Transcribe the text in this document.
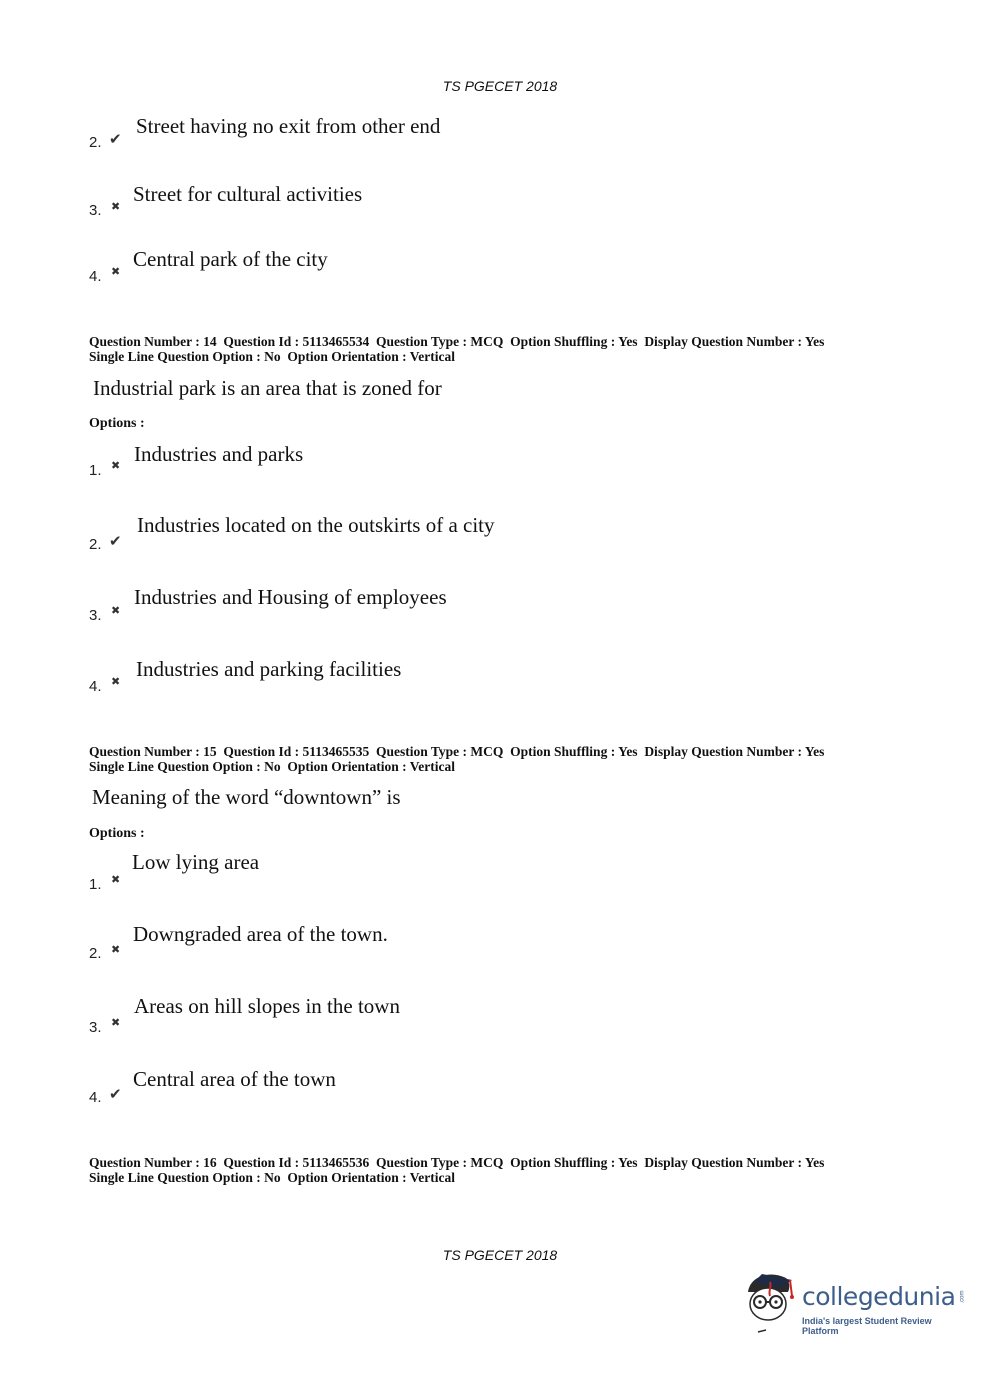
TS PGECET 2018
2. ✔
Street having no exit from other end
3. ✖
Street for cultural activities
4. ✖
Central park of the city
Question Number : 14  Question Id : 5113465534  Question Type : MCQ  Option Shuffling : Yes  Display Question Number : Yes
Single Line Question Option : No  Option Orientation : Vertical
Industrial park is an area that is zoned for
Options :
1. ✖ Industries and parks
2. ✔
Industries located on the outskirts of a city
3. ✖
Industries and Housing of employees
4. ✖
Industries and parking facilities
Question Number : 15  Question Id : 5113465535  Question Type : MCQ  Option Shuffling : Yes  Display Question Number : Yes
Single Line Question Option : No  Option Orientation : Vertical
Meaning of the word “downtown” is
Options :
1. ✖
Low lying area
2. ✖
Downgraded area of the town.
3. ✖
Areas on hill slopes in the town
4. ✔
Central area of the town
Question Number : 16  Question Id : 5113465536  Question Type : MCQ  Option Shuffling : Yes  Display Question Number : Yes
Single Line Question Option : No  Option Orientation : Vertical
TS PGECET 2018
collegedunia .com
India's largest Student Review Platform
